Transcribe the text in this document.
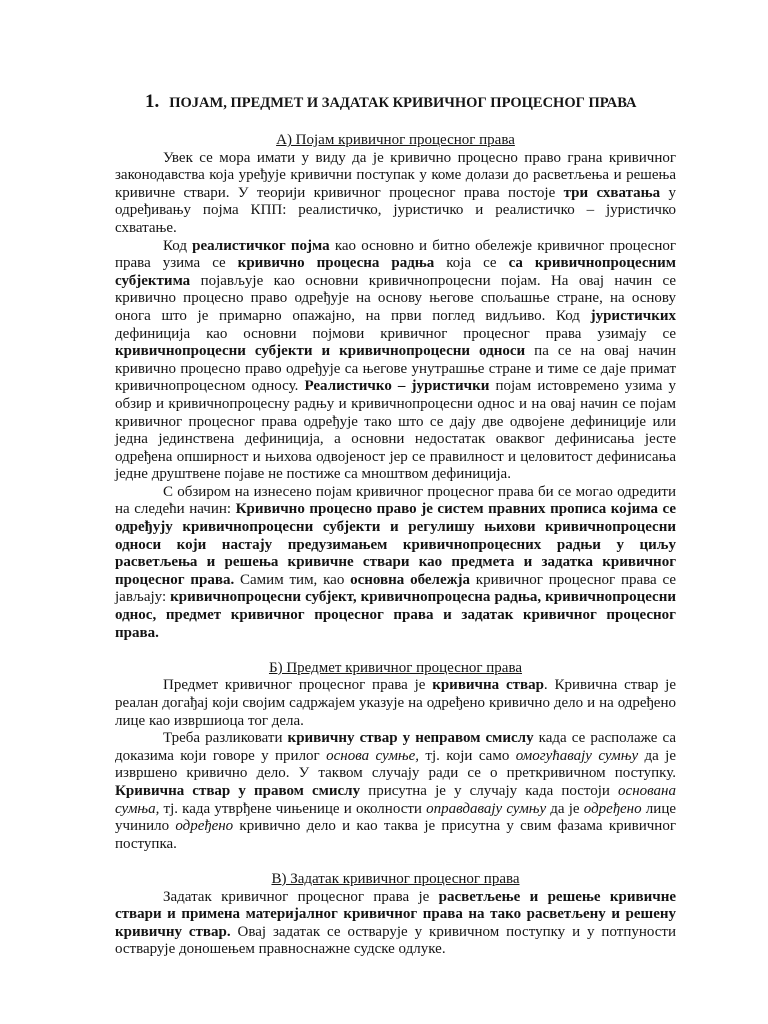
1. ПОЈАМ, ПРЕДМЕТ И ЗАДАТАК КРИВИЧНОГ ПРОЦЕСНОГ ПРАВА
А) Појам кривичног процесног права

Увек се мора имати у виду да је кривично процесно право грана кривичног законодавства која уређује кривични поступак у коме долази до расветљења и решења кривичне ствари. У теорији кривичног процесног права постоје три схватања у одређивању појма КПП: реалистичко, јуристичко и реалистичко – јуристичко схватање.

Код реалистичког појма као основно и битно обележје кривичног процесног права узима се кривично процесна радња која се са кривичнопроцесним субјектима појављује као основни кривичнопроцесни појам. На овај начин се кривично процесно право одређује на основу његове спољашње стране, на основу онога што је примарно опажајно, на први поглед видљиво. Код јуристичких дефиниција као основни појмови кривичног процесног права узимају се кривичнопроцесни субјекти и кривичнопроцесни односи па се на овај начин кривично процесно право одређује са његове унутрашње стране и тиме се даје примат кривичнопроцесном односу. Реалистичко – јуристички појам истовремено узима у обзир и кривичнопроцесну радњу и кривичнопроцесни однос и на овај начин се појам кривичног процесног права одређује тако што се дају две одвојене дефиниције или једна јединствена дефиниција, а основни недостатак оваквог дефинисања јесте одређена опширност и њихова одвојеност јер се правилност и целовитост дефинисања једне друштвене појаве не постиже са мноштвом дефиниција.

С обзиром на изнесено појам кривичног процесног права би се могао одредити на следећи начин: Кривично процесно право је систем правних прописа којима се одређују кривичнопроцесни субјекти и регулишу њихови кривичнопроцесни односи који настају предузимањем кривичнопроцесних радњи у циљу расветљења и решења кривичне ствари као предмета и задатка кривичног процесног права. Самим тим, као основна обележја кривичног процесног права се јављају: кривичнопроцесни субјект, кривичнопроцесна радња, кривичнопроцесни однос, предмет кривичног процесног права и задатак кривичног процесног права.

Б) Предмет кривичног процесног права

Предмет кривичног процесног права је кривична ствар. Кривична ствар је реалан догађај који својим садржајем указује на одређено кривично дело и на одређено лице као извршиоца тог дела.

Треба разликовати кривичну ствар у неправом смислу када се располаже са доказима који говоре у прилог основа сумње, тј. који само омогућавају сумњу да је извршено кривично дело. У таквом случају ради се о преткривичном поступку. Кривична ствар у правом смислу присутна је у случају када постоји основана сумња, тј. када утврђене чињенице и околности оправдавају сумњу да је одређено лице учинило одређено кривично дело и као таква је присутна у свим фазама кривичног поступка.

В) Задатак кривичног процесног права

Задатак кривичног процесног права је расветљење и решење кривичне ствари и примена материјалног кривичног права на тако расветљену и решену кривичну ствар. Овај задатак се остварује у кривичном поступку и у потпуности остварује доношењем правноснажне судске одлуке.
